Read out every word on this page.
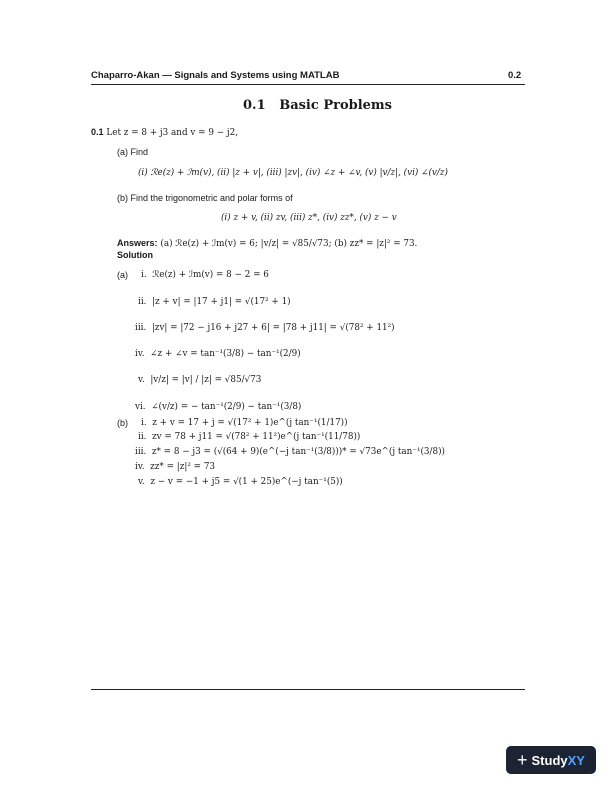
Chaparro-Akan — Signals and Systems using MATLAB	0.2
0.1 Basic Problems
0.1 Let z = 8 + j3 and v = 9 − j2,
(a) Find
(i) ℛe(z) + ℐm(v), (ii) |z + v|, (iii) |zv|, (iv) ∠z + ∠v, (v) |v/z|, (vi) ∠(v/z)
(b) Find the trigonometric and polar forms of
(i) z + v, (ii) zv, (iii) z*, (iv) zz*, (v) z − v
Answers: (a) ℛe(z) + ℐm(v) = 6; |v/z| = √85/√73; (b) zz* = |z|² = 73.
Solution
(a) i. ℛe(z) + ℐm(v) = 8 − 2 = 6
ii. |z + v| = |17 + j1| = √(17² + 1)
iii. |zv| = |72 − j16 + j27 + 6| = |78 + j11| = √(78² + 11²)
iv. ∠z + ∠v = tan⁻¹(3/8) − tan⁻¹(2/9)
v. |v/z| = |v| / |z| = √85/√73
vi. ∠(v/z) = − tan⁻¹(2/9) − tan⁻¹(3/8)
(b) i. z + v = 17 + j = √(17² + 1)e^(j tan⁻¹(1/17))
ii. zv = 78 + j11 = √(78² + 11²)e^(j tan⁻¹(11/78))
iii. z* = 8 − j3 = (√(64 + 9)(e^(−j tan⁻¹(3/8)))* = √73e^(j tan⁻¹(3/8))
iv. zz* = |z|² = 73
v. z − v = −1 + j5 = √(1 + 25)e^(−j tan⁻¹(5))
+ Study XY
